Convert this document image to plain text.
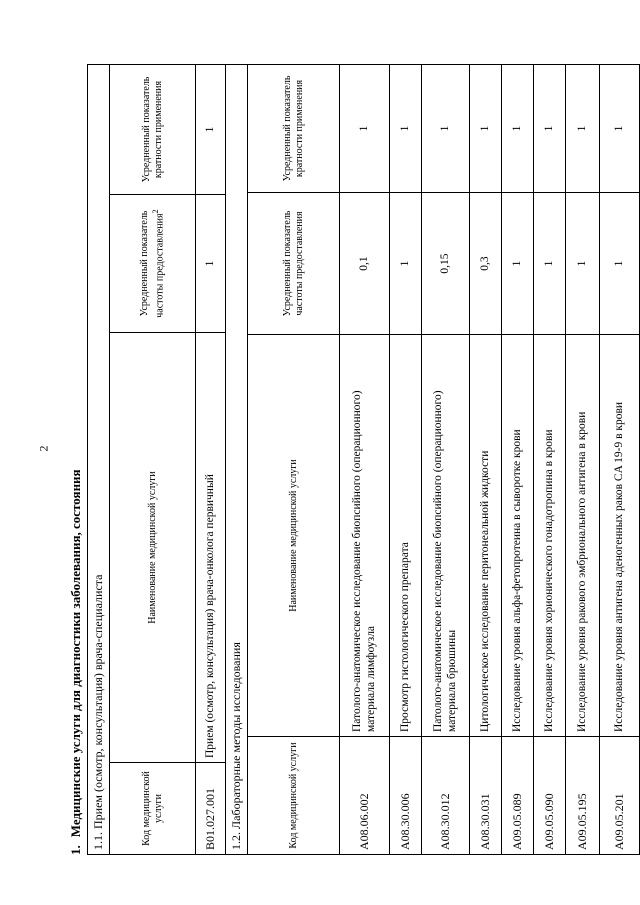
2
1.Медицинские услуги для диагностики заболевания, состояния 1.1. Прием (осмотр, консультация) врача-специалиста			
Код медицинской услуги	Наименование медицинской услуги	Усредненный показатель частоты предоставления$^2$	Усредненный показатель кратности применения
B01.027.001	Прием (осмотр, консультация) врача-онколога первичный	1	1
1.2. Лабораторные методы исследования			
Код медицинской услуги	Наименование медицинской услуги	Усредненный показатель частоты предоставления	Усредненный показатель кратности применения
A08.06.002	Патолого-анатомическое исследование биопсийного (операционного) материала лимфоузла	0,1	1
A08.30.006	Просмотр гистологического препарата	1	1
A08.30.012	Патолого-анатомическое исследование биопсийного (операционного) материала брюшины	0,15	1
A08.30.031	Цитологическое исследование перитонеальной жидкости	0,3	1
A09.05.089	Исследование уровня альфа-фетопротеина в сыворотке крови	1	1
A09.05.090	Исследование уровня хорионического гонадотропина в крови	1	1
A09.05.195	Исследование уровня ракового эмбрионального антигена в крови	1	1
A09.05.201	Исследование уровня антигена аденогенных раков CA 19-9 в крови	1	1
